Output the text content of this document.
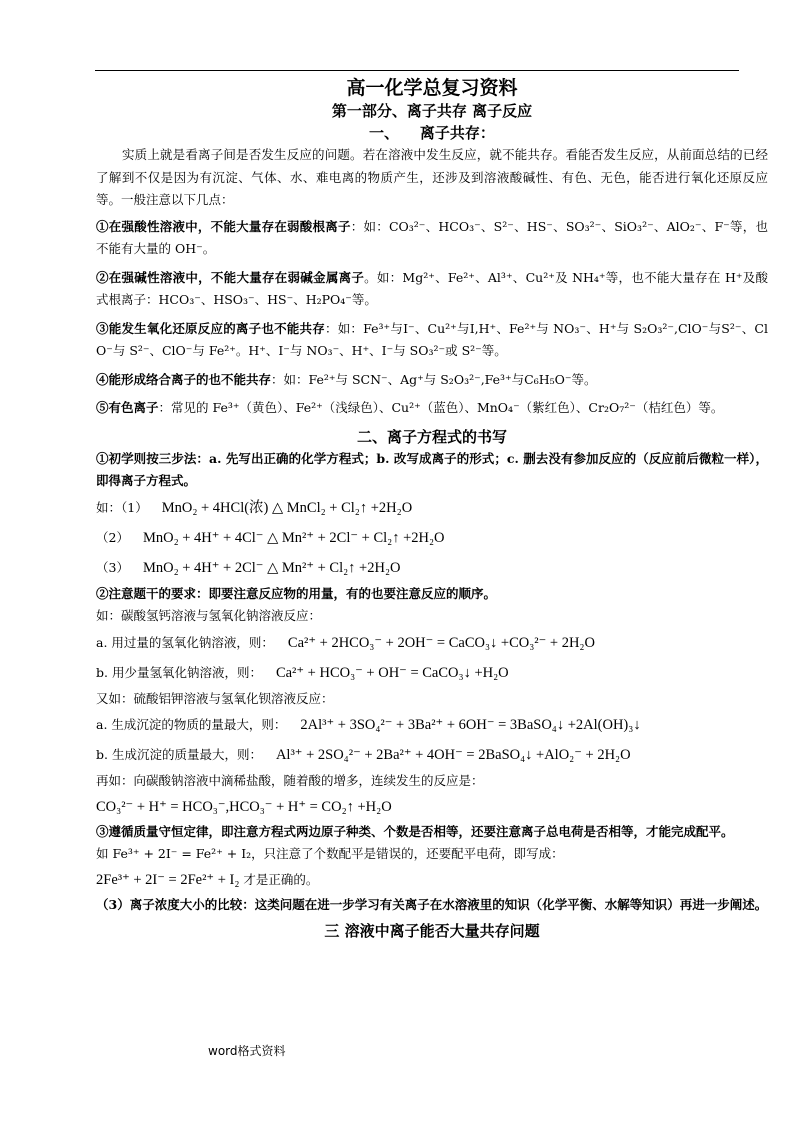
高一化学总复习资料
第一部分、离子共存 离子反应
一、    离子共存：

实质上就是看离子间是否发生反应的问题。若在溶液中发生反应，就不能共存。看能否发生反应，从前面总结的已经了解到不仅是因为有沉淀、气体、水、难电离的物质产生，还涉及到溶液酸碱性、有色、无色，能否进行氧化还原反应等。一般注意以下几点：

①在强酸性溶液中，不能大量存在弱酸根离子：如：CO₃²⁻、HCO₃⁻、S²⁻、HS⁻、SO₃²⁻、SiO₃²⁻、AlO₂⁻、F⁻等，也不能有大量的 OH⁻。

②在强碱性溶液中，不能大量存在弱碱金属离子。如：Mg²⁺、Fe²⁺、Al³⁺、Cu²⁺及 NH₄⁺等，也不能大量存在 H⁺及酸式根离子：HCO₃⁻、HSO₃⁻、HS⁻、H₂PO₄⁻等。

③能发生氧化还原反应的离子也不能共存：如：Fe³⁺与I⁻、Cu²⁺与I,H⁺、Fe²⁺与 NO₃⁻、H⁺与 S₂O₃²⁻,ClO⁻与S²⁻、ClO⁻与 S²⁻、ClO⁻与 Fe²⁺。H⁺、I⁻与 NO₃⁻、H⁺、I⁻与 SO₃²⁻或 S²⁻等。

④能形成络合离子的也不能共存：如：Fe²⁺与 SCN⁻、Ag⁺与 S₂O₃²⁻,Fe³⁺与C₆H₅O⁻等。

⑤有色离子：常见的 Fe³⁺（黄色）、Fe²⁺（浅绿色）、Cu²⁺（蓝色）、MnO₄⁻（紫红色）、Cr₂O₇²⁻（桔红色）等。

二、离子方程式的书写

①初学则按三步法：a. 先写出正确的化学方程式；b. 改写成离子的形式；c. 删去没有参加反应的（反应前后微粒一样），即得离子方程式。

如：（1） MnO₂ + 4HCl(浓) △ MnCl₂ + Cl₂↑ +2H₂O
（2） MnO₂ + 4H⁺ + 4Cl⁻ △ Mn²⁺ + 2Cl⁻ + Cl₂↑ +2H₂O
（3） MnO₂ + 4H⁺ + 2Cl⁻ △ Mn²⁺ + Cl₂↑ +2H₂O

②注意题干的要求：即要注意反应物的用量，有的也要注意反应的顺序。

如：碳酸氢钙溶液与氢氧化钠溶液反应：

a. 用过量的氢氧化钠溶液，则： Ca²⁺ + 2HCO₃⁻ + 2OH⁻ = CaCO₃↓ +CO₃²⁻ + 2H₂O
b. 用少量氢氧化钠溶液，则： Ca²⁺ + HCO₃⁻ + OH⁻ = CaCO₃↓ +H₂O

又如：硫酸铝钾溶液与氢氧化钡溶液反应：

a. 生成沉淀的物质的量最大，则： 2Al³⁺ + 3SO₄²⁻ + 3Ba²⁺ + 6OH⁻ = 3BaSO₄↓ +2Al(OH)₃↓
b. 生成沉淀的质量最大，则： Al³⁺ + 2SO₄²⁻ + 2Ba²⁺ + 4OH⁻ = 2BaSO₄↓ +AlO₂⁻ + 2H₂O

再如：向碳酸钠溶液中滴稀盐酸，随着酸的增多，连续发生的反应是：

CO₃²⁻ + H⁺ = HCO₃⁻,HCO₃⁻ + H⁺ = CO₂↑ +H₂O

③遵循质量守恒定律，即注意方程式两边原子种类、个数是否相等，还要注意离子总电荷是否相等，才能完成配平。

如 Fe³⁺ + 2I⁻ = Fe²⁺ + I₂，只注意了个数配平是错误的，还要配平电荷，即写成：

2Fe³⁺ + 2I⁻ = 2Fe²⁺ + I₂ 才是正确的。

（3）离子浓度大小的比较：这类问题在进一步学习有关离子在水溶液里的知识（化学平衡、水解等知识）再进一步阐述。

三 溶液中离子能否大量共存问题
word格式资料
